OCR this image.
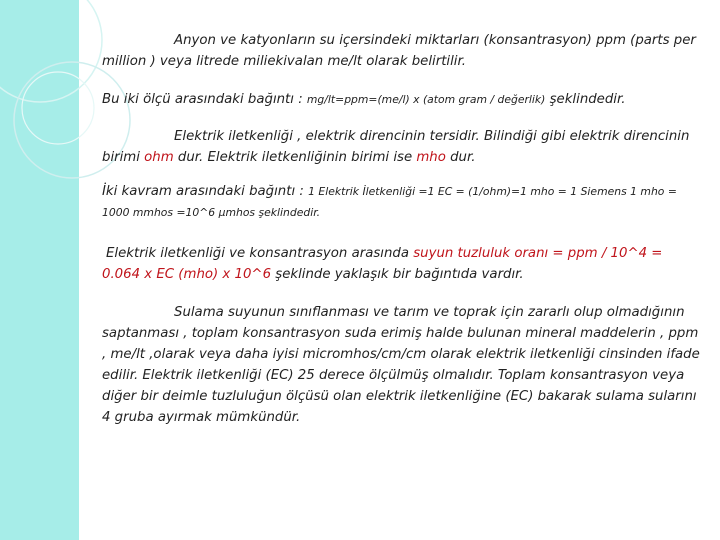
Anyon ve katyonların su içersindeki miktarları (konsantrasyon) ppm (parts per million ) veya litrede miliekivalan me/lt olarak belirtilir.

Bu iki ölçü arasındaki bağıntı : mg/lt=ppm=(me/l) x (atom gram / değerlik) şeklindedir.

Elektrik iletkenliği , elektrik direncinin tersidir. Bilindiği gibi elektrik direncinin birimi ohm dur. Elektrik iletkenliğinin birimi ise mho dur.

İki kavram arasındaki bağıntı : 1 Elektrik İletkenliği =1 EC = (1/ohm)=1 mho = 1 Siemens 1 mho = 1000 mmhos =10^6 μmhos şeklindedir.

Elektrik iletkenliği ve konsantrasyon arasında suyun tuzluluk oranı = ppm / 10^4 = 0.064 x EC (mho) x 10^6 şeklinde yaklaşık bir bağıntıda vardır.

Sulama suyunun sınıflanması ve tarım ve toprak için zararlı olup olmadığının saptanması , toplam konsantrasyon suda erimiş halde bulunan mineral maddelerin , ppm , me/lt ,olarak veya daha iyisi micromhos/cm/cm olarak elektrik iletkenliği cinsinden ifade edilir. Elektrik iletkenliği (EC) 25 derece ölçülmüş olmalıdır. Toplam konsantrasyon veya diğer bir deimle tuzluluğun ölçüsü olan elektrik iletkenliğine (EC) bakarak sulama sularını 4 gruba ayırmak mümkündür.
